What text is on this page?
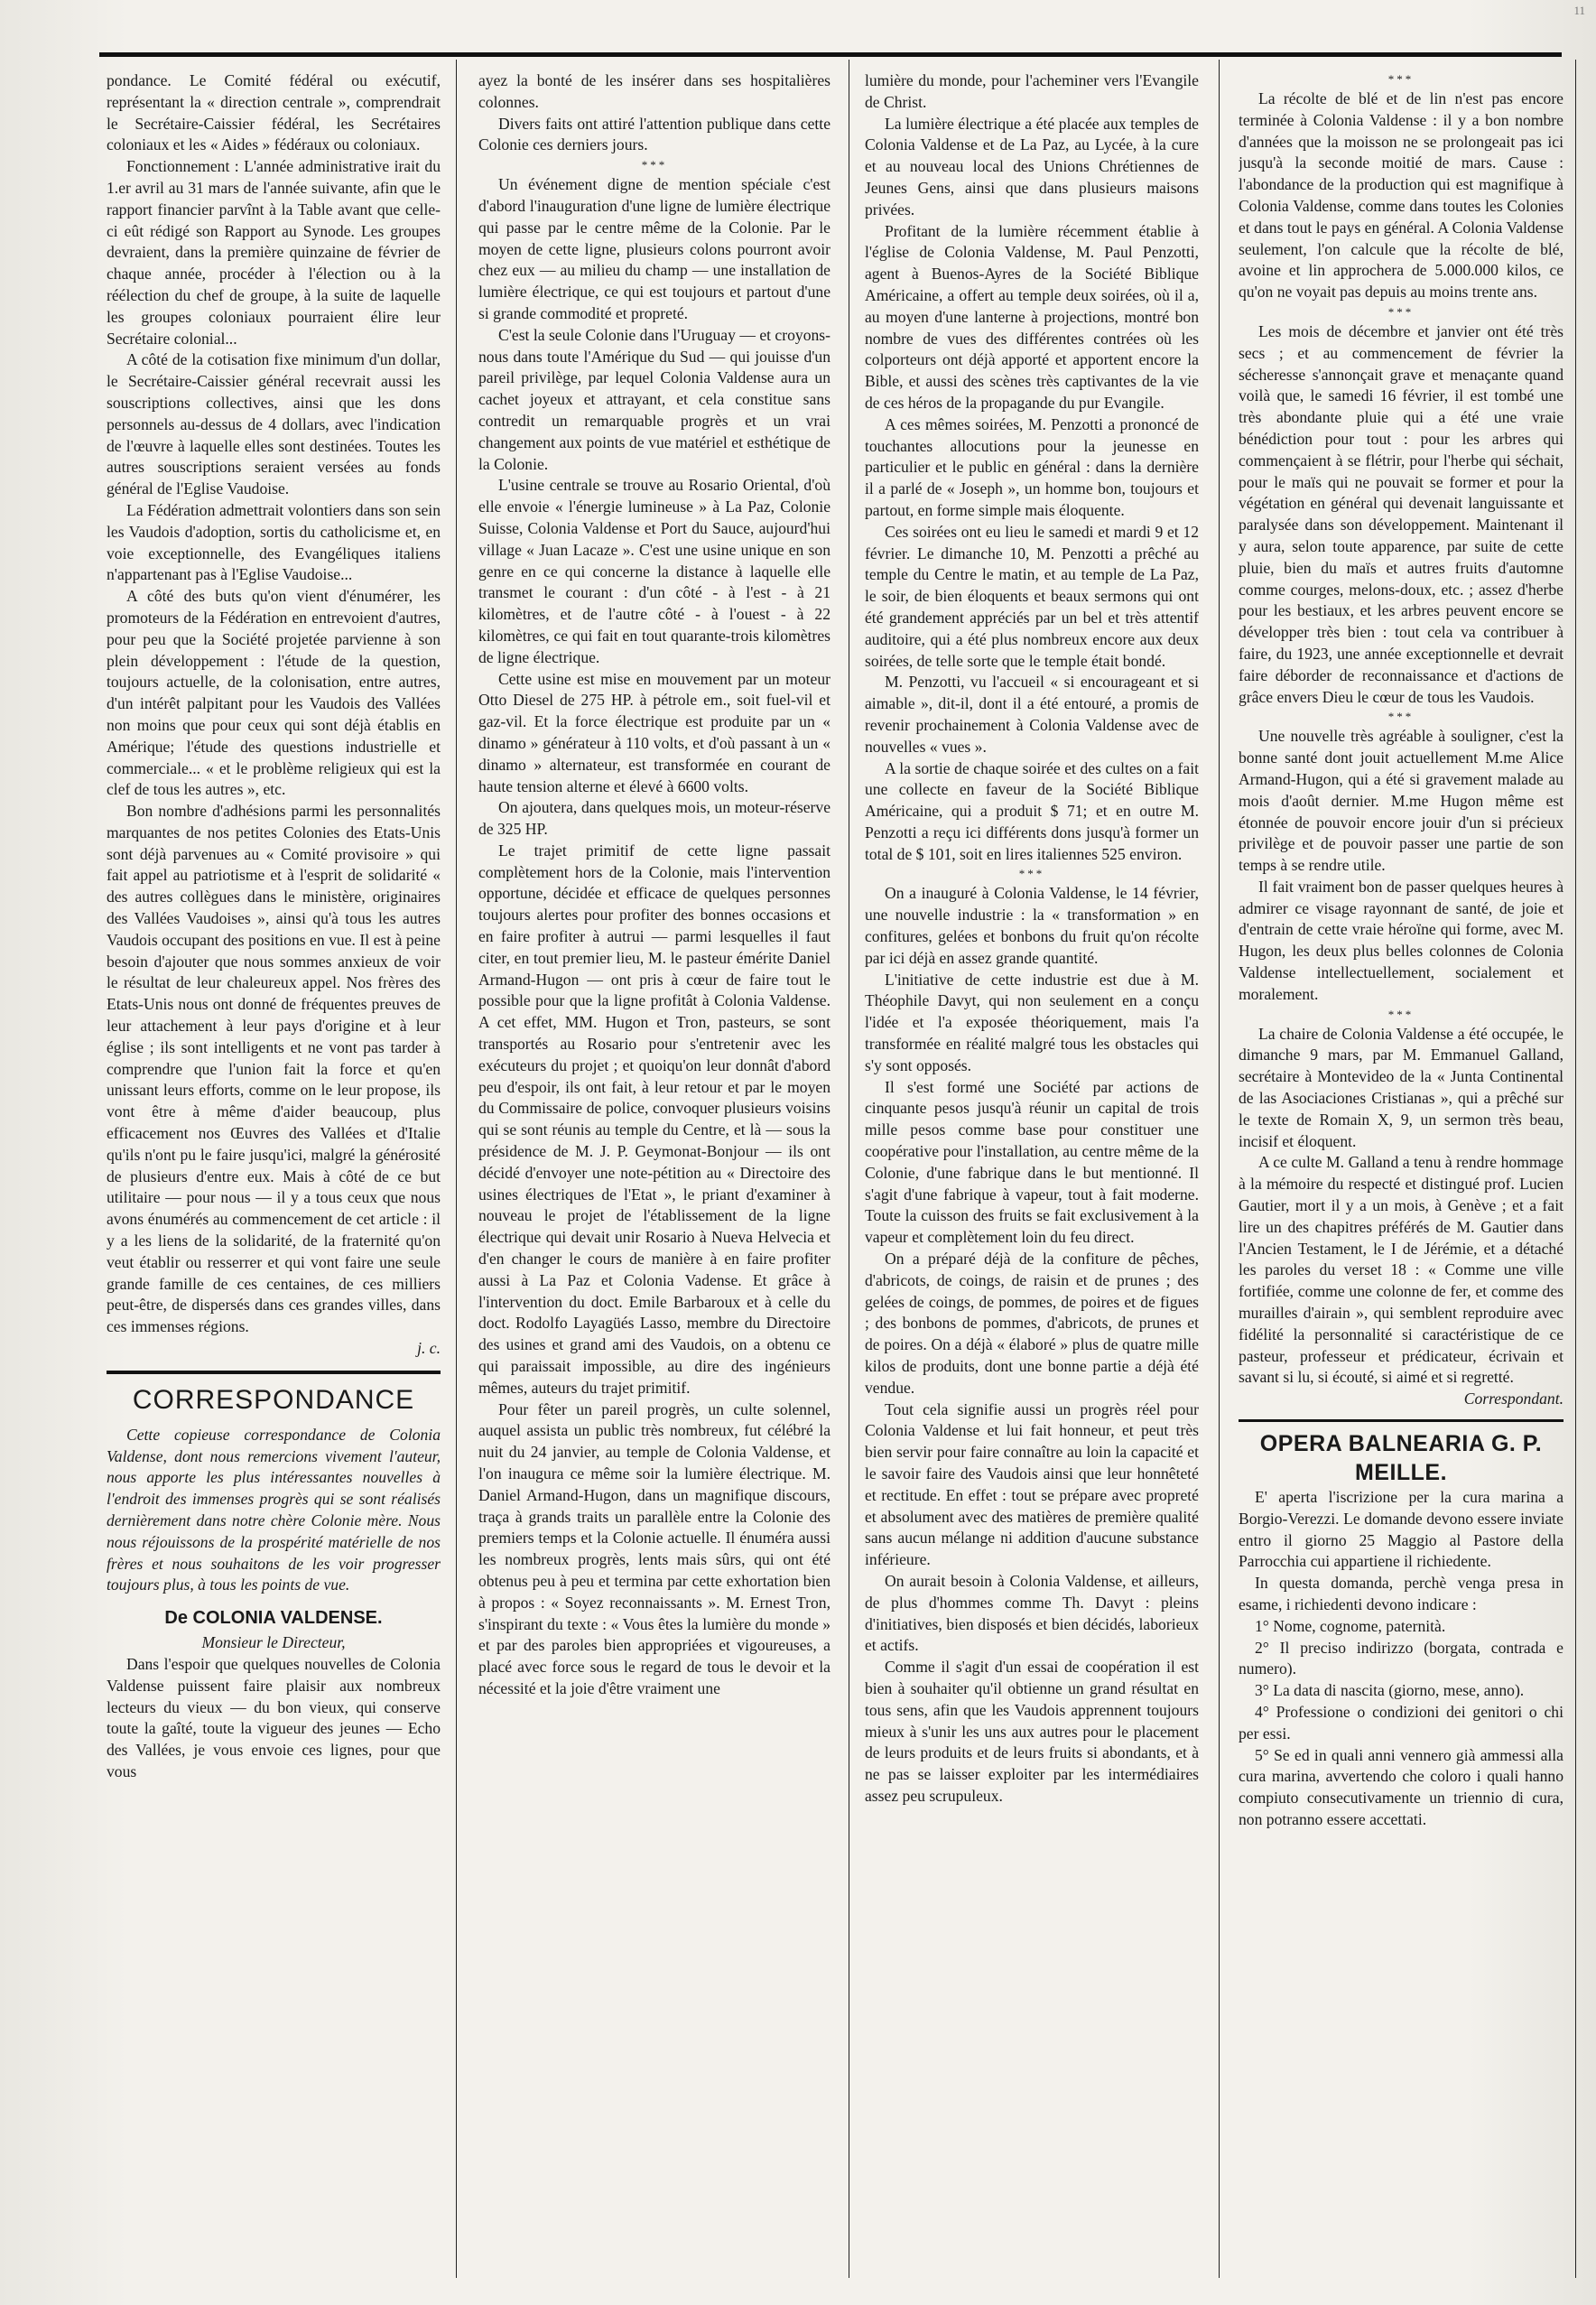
11

pondance. Le Comité fédéral ou exécutif, représentant la « direction centrale », comprendrait le Secrétaire-Caissier fédéral, les Secrétaires coloniaux et les « Aides » fédéraux ou coloniaux.

Fonctionnement : L'année administrative irait du 1.er avril au 31 mars de l'année suivante, afin que le rapport financier parvînt à la Table avant que celle-ci eût rédigé son Rapport au Synode. Les groupes devraient, dans la première quinzaine de février de chaque année, procéder à l'élection ou à la réélection du chef de groupe, à la suite de laquelle les groupes coloniaux pourraient élire leur Secrétaire colonial...

A côté de la cotisation fixe minimum d'un dollar, le Secrétaire-Caissier général recevrait aussi les souscriptions collectives, ainsi que les dons personnels au-dessus de 4 dollars, avec l'indication de l'œuvre à laquelle elles sont destinées. Toutes les autres souscriptions seraient versées au fonds général de l'Eglise Vaudoise.

La Fédération admettrait volontiers dans son sein les Vaudois d'adoption, sortis du catholicisme et, en voie exceptionnelle, des Evangéliques italiens n'appartenant pas à l'Eglise Vaudoise...

A côté des buts qu'on vient d'énumérer, les promoteurs de la Fédération en entrevoient d'autres, pour peu que la Société projetée parvienne à son plein développement : l'étude de la question, toujours actuelle, de la colonisation, entre autres, d'un intérêt palpitant pour les Vaudois des Vallées non moins que pour ceux qui sont déjà établis en Amérique; l'étude des questions industrielle et commerciale... « et le problème religieux qui est la clef de tous les autres », etc.

Bon nombre d'adhésions parmi les personnalités marquantes de nos petites Colonies des Etats-Unis sont déjà parvenues au « Comité provisoire » qui fait appel au patriotisme et à l'esprit de solidarité « des autres collègues dans le ministère, originaires des Vallées Vaudoises », ainsi qu'à tous les autres Vaudois occupant des positions en vue. Il est à peine besoin d'ajouter que nous sommes anxieux de voir le résultat de leur chaleureux appel. Nos frères des Etats-Unis nous ont donné de fréquentes preuves de leur attachement à leur pays d'origine et à leur église ; ils sont intelligents et ne vont pas tarder à comprendre que l'union fait la force et qu'en unissant leurs efforts, comme on le leur propose, ils vont être à même d'aider beaucoup, plus efficacement nos Œuvres des Vallées et d'Italie qu'ils n'ont pu le faire jusqu'ici, malgré la générosité de plusieurs d'entre eux. Mais à côté de ce but utilitaire — pour nous — il y a tous ceux que nous avons énumérés au commencement de cet article : il y a les liens de la solidarité, de la fraternité qu'on veut établir ou resserrer et qui vont faire une seule grande famille de ces centaines, de ces milliers peut-être, de dispersés dans ces grandes villes, dans ces immenses régions.

j. c.
CORRESPONDANCE

Cette copieuse correspondance de Colonia Valdense, dont nous remercions vivement l'auteur, nous apporte les plus intéressantes nouvelles à l'endroit des immenses progrès qui se sont réalisés dernièrement dans notre chère Colonie mère. Nous nous réjouissons de la prospérité matérielle de nos frères et nous souhaitons de les voir progresser toujours plus, à tous les points de vue.

De COLONIA VALDENSE.
Monsieur le Directeur,

Dans l'espoir que quelques nouvelles de Colonia Valdense puissent faire plaisir aux nombreux lecteurs du vieux — du bon vieux, qui conserve toute la gaîté, toute la vigueur des jeunes — Echo des Vallées, je vous envoie ces lignes, pour que vous

ayez la bonté de les insérer dans ses hospitalières colonnes.

Divers faits ont attiré l'attention publique dans cette Colonie ces derniers jours.

***

Un événement digne de mention spéciale c'est d'abord l'inauguration d'une ligne de lumière électrique qui passe par le centre même de la Colonie. Par le moyen de cette ligne, plusieurs colons pourront avoir chez eux — au milieu du champ — une installation de lumière électrique, ce qui est toujours et partout d'une si grande commodité et propreté.

C'est la seule Colonie dans l'Uruguay — et croyons-nous dans toute l'Amérique du Sud — qui jouisse d'un pareil privilège, par lequel Colonia Valdense aura un cachet joyeux et attrayant, et cela constitue sans contredit un remarquable progrès et un vrai changement aux points de vue matériel et esthétique de la Colonie.

L'usine centrale se trouve au Rosario Oriental, d'où elle envoie « l'énergie lumineuse » à La Paz, Colonie Suisse, Colonia Valdense et Port du Sauce, aujourd'hui village « Juan Lacaze ». C'est une usine unique en son genre en ce qui concerne la distance à laquelle elle transmet le courant : d'un côté - à l'est - à 21 kilomètres, et de l'autre côté - à l'ouest - à 22 kilomètres, ce qui fait en tout quarante-trois kilomètres de ligne électrique.

Cette usine est mise en mouvement par un moteur Otto Diesel de 275 HP. à pétrole em., soit fuel-vil et gaz-vil. Et la force électrique est produite par un « dinamo » générateur à 110 volts, et d'où passant à un « dinamo » alternateur, est transformée en courant de haute tension alterne et élevé à 6600 volts.

On ajoutera, dans quelques mois, un moteur-réserve de 325 HP.

Le trajet primitif de cette ligne passait complètement hors de la Colonie, mais l'intervention opportune, décidée et efficace de quelques personnes toujours alertes pour profiter des bonnes occasions et en faire profiter à autrui — parmi lesquelles il faut citer, en tout premier lieu, M. le pasteur émérite Daniel Armand-Hugon — ont pris à cœur de faire tout le possible pour que la ligne profitât à Colonia Valdense. A cet effet, MM. Hugon et Tron, pasteurs, se sont transportés au Rosario pour s'entretenir avec les exécuteurs du projet ; et quoiqu'on leur donnât d'abord peu d'espoir, ils ont fait, à leur retour et par le moyen du Commissaire de police, convoquer plusieurs voisins qui se sont réunis au temple du Centre, et là — sous la présidence de M. J. P. Geymonat-Bonjour — ils ont décidé d'envoyer une note-pétition au « Directoire des usines électriques de l'Etat », le priant d'examiner à nouveau le projet de l'établissement de la ligne électrique qui devait unir Rosario à Nueva Helvecia et d'en changer le cours de manière à en faire profiter aussi à La Paz et Colonia Vadense. Et grâce à l'intervention du doct. Emile Barbaroux et à celle du doct. Rodolfo Layagüés Lasso, membre du Directoire des usines et grand ami des Vaudois, on a obtenu ce qui paraissait impossible, au dire des ingénieurs mêmes, auteurs du trajet primitif.

Pour fêter un pareil progrès, un culte solennel, auquel assista un public très nombreux, fut célébré la nuit du 24 janvier, au temple de Colonia Valdense, et l'on inaugura ce même soir la lumière électrique. M. Daniel Armand-Hugon, dans un magnifique discours, traça à grands traits un parallèle entre la Colonie des premiers temps et la Colonie actuelle. Il énuméra aussi les nombreux progrès, lents mais sûrs, qui ont été obtenus peu à peu et termina par cette exhortation bien à propos : « Soyez reconnaissants ». M. Ernest Tron, s'inspirant du texte : « Vous êtes la lumière du monde » et par des paroles bien appropriées et vigoureuses, a placé avec force sous le regard de tous le devoir et la nécessité et la joie d'être vraiment une

lumière du monde, pour l'acheminer vers l'Evangile de Christ.

La lumière électrique a été placée aux temples de Colonia Valdense et de La Paz, au Lycée, à la cure et au nouveau local des Unions Chrétiennes de Jeunes Gens, ainsi que dans plusieurs maisons privées.

Profitant de la lumière récemment établie à l'église de Colonia Valdense, M. Paul Penzotti, agent à Buenos-Ayres de la Société Biblique Américaine, a offert au temple deux soirées, où il a, au moyen d'une lanterne à projections, montré bon nombre de vues des différentes contrées où les colporteurs ont déjà apporté et apportent encore la Bible, et aussi des scènes très captivantes de la vie de ces héros de la propagande du pur Evangile.

A ces mêmes soirées, M. Penzotti a prononcé de touchantes allocutions pour la jeunesse en particulier et le public en général : dans la dernière il a parlé de « Joseph », un homme bon, toujours et partout, en forme simple mais éloquente.

Ces soirées ont eu lieu le samedi et mardi 9 et 12 février. Le dimanche 10, M. Penzotti a prêché au temple du Centre le matin, et au temple de La Paz, le soir, de bien éloquents et beaux sermons qui ont été grandement appréciés par un bel et très attentif auditoire, qui a été plus nombreux encore aux deux soirées, de telle sorte que le temple était bondé.

M. Penzotti, vu l'accueil « si encourageant et si aimable », dit-il, dont il a été entouré, a promis de revenir prochainement à Colonia Valdense avec de nouvelles « vues ».

A la sortie de chaque soirée et des cultes on a fait une collecte en faveur de la Société Biblique Américaine, qui a produit $ 71; et en outre M. Penzotti a reçu ici différents dons jusqu'à former un total de $ 101, soit en lires italiennes 525 environ.

***

On a inauguré à Colonia Valdense, le 14 février, une nouvelle industrie : la « transformation » en confitures, gelées et bonbons du fruit qu'on récolte par ici déjà en assez grande quantité.

L'initiative de cette industrie est due à M. Théophile Davyt, qui non seulement en a conçu l'idée et l'a exposée théoriquement, mais l'a transformée en réalité malgré tous les obstacles qui s'y sont opposés.

Il s'est formé une Société par actions de cinquante pesos jusqu'à réunir un capital de trois mille pesos comme base pour constituer une coopérative pour l'installation, au centre même de la Colonie, d'une fabrique dans le but mentionné. Il s'agit d'une fabrique à vapeur, tout à fait moderne. Toute la cuisson des fruits se fait exclusivement à la vapeur et complètement loin du feu direct.

On a préparé déjà de la confiture de pêches, d'abricots, de coings, de raisin et de prunes ; des gelées de coings, de pommes, de poires et de figues ; des bonbons de pommes, d'abricots, de prunes et de poires. On a déjà « élaboré » plus de quatre mille kilos de produits, dont une bonne partie a déjà été vendue.

Tout cela signifie aussi un progrès réel pour Colonia Valdense et lui fait honneur, et peut très bien servir pour faire connaître au loin la capacité et le savoir faire des Vaudois ainsi que leur honnêteté et rectitude. En effet : tout se prépare avec propreté et absolument avec des matières de première qualité sans aucun mélange ni addition d'aucune substance inférieure.

On aurait besoin à Colonia Valdense, et ailleurs, de plus d'hommes comme Th. Davyt : pleins d'initiatives, bien disposés et bien décidés, laborieux et actifs.

Comme il s'agit d'un essai de coopération il est bien à souhaiter qu'il obtienne un grand résultat en tous sens, afin que les Vaudois apprennent toujours mieux à s'unir les uns aux autres pour le placement de leurs produits et de leurs fruits si abondants, et à ne pas se laisser exploiter par les intermédiaires assez peu scrupuleux.

***

La récolte de blé et de lin n'est pas encore terminée à Colonia Valdense : il y a bon nombre d'années que la moisson ne se prolongeait pas ici jusqu'à la seconde moitié de mars. Cause : l'abondance de la production qui est magnifique à Colonia Valdense, comme dans toutes les Colonies et dans tout le pays en général. A Colonia Valdense seulement, l'on calcule que la récolte de blé, avoine et lin approchera de 5.000.000 kilos, ce qu'on ne voyait pas depuis au moins trente ans.

***

Les mois de décembre et janvier ont été très secs ; et au commencement de février la sécheresse s'annonçait grave et menaçante quand voilà que, le samedi 16 février, il est tombé une très abondante pluie qui a été une vraie bénédiction pour tout : pour les arbres qui commençaient à se flétrir, pour l'herbe qui séchait, pour le maïs qui ne pouvait se former et pour la végétation en général qui devenait languissante et paralysée dans son développement. Maintenant il y aura, selon toute apparence, par suite de cette pluie, bien du maïs et autres fruits d'automne comme courges, melons-doux, etc. ; assez d'herbe pour les bestiaux, et les arbres peuvent encore se développer très bien : tout cela va contribuer à faire, du 1923, une année exceptionnelle et devrait faire déborder de reconnaissance et d'actions de grâce envers Dieu le cœur de tous les Vaudois.

***

Une nouvelle très agréable à souligner, c'est la bonne santé dont jouit actuellement M.me Alice Armand-Hugon, qui a été si gravement malade au mois d'août dernier. M.me Hugon même est étonnée de pouvoir encore jouir d'un si précieux privilège et de pouvoir passer une partie de son temps à se rendre utile.

Il fait vraiment bon de passer quelques heures à admirer ce visage rayonnant de santé, de joie et d'entrain de cette vraie héroïne qui forme, avec M. Hugon, les deux plus belles colonnes de Colonia Valdense intellectuellement, socialement et moralement.

***

La chaire de Colonia Valdense a été occupée, le dimanche 9 mars, par M. Emmanuel Galland, secrétaire à Montevideo de la « Junta Continental de las Asociaciones Cristianas », qui a prêché sur le texte de Romain X, 9, un sermon très beau, incisif et éloquent.

A ce culte M. Galland a tenu à rendre hommage à la mémoire du respecté et distingué prof. Lucien Gautier, mort il y a un mois, à Genève ; et a fait lire un des chapitres préférés de M. Gautier dans l'Ancien Testament, le I de Jérémie, et a détaché les paroles du verset 18 : « Comme une ville fortifiée, comme une colonne de fer, et comme des murailles d'airain », qui semblent reproduire avec fidélité la personnalité si caractéristique de ce pasteur, professeur et prédicateur, écrivain et savant si lu, si écouté, si aimé et si regretté.

Correspondant.
OPERA BALNEARIA G. P. MEILLE.

E' aperta l'iscrizione per la cura marina a Borgio-Verezzi. Le domande devono essere inviate entro il giorno 25 Maggio al Pastore della Parrocchia cui appartiene il richiedente.

In questa domanda, perchè venga presa in esame, i richiedenti devono indicare :

1° Nome, cognome, paternità.

2° Il preciso indirizzo (borgata, contrada e numero).

3° La data di nascita (giorno, mese, anno).

4° Professione o condizioni dei genitori o chi per essi.

5° Se ed in quali anni vennero già ammessi alla cura marina, avvertendo che coloro i quali hanno compiuto consecutivamente un triennio di cura, non potranno essere accettati.
